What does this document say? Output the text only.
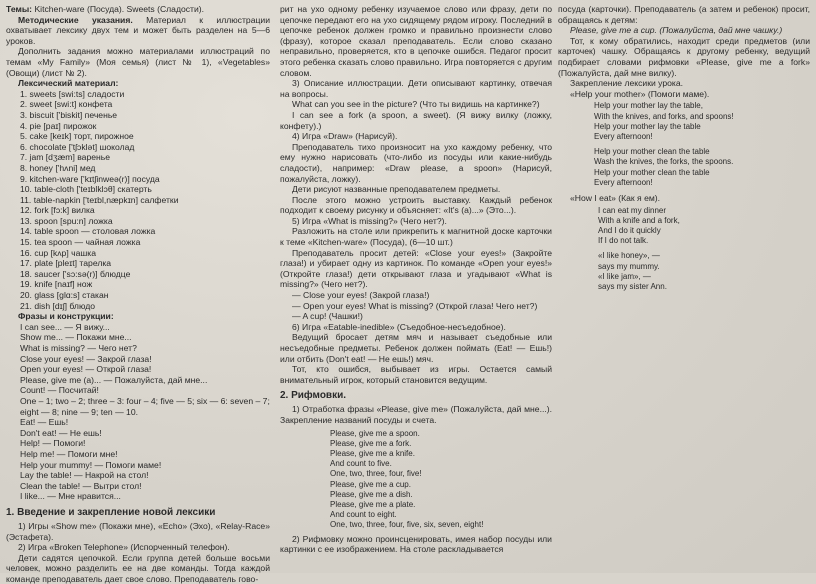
Темы: Kitchen-ware (Посуда). Sweets (Сладости).

Методические указания. Материал к иллюстрации охватывает лексику двух тем и может быть разделен на 5—6 уроков.

Дополнить задания можно материалами иллюстраций по темам «My Family» (Моя семья) (лист № 1), «Vegetables» (Овощи) (лист № 2).

Лексический материал:
1. sweets [swi:ts] сладости
2. sweet [swi:t] конфета
3. biscuit ['biskit] печенье
4. pie [paɪ] пирожок
5. cake [keɪk] торт, пирожное
6. chocolate ['tʃɔklət] шоколад
7. jam [dʒæm] варенье
8. honey ['hʌni] мед
9. kitchen-ware ['kɪtʃinweə(r)] посуда
10. table-cloth ['teɪblklɔθ] скатерть
11. table-napkin ['teɪbl,næpkɪn] салфетки
12. fork [fɔ:k] вилка
13. spoon [spu:n] ложка
14. table spoon — столовая ложка
15. tea spoon — чайная ложка
16. cup [kʌp] чашка
17. plate [pleɪt] тарелка
18. saucer ['sɔ:sə(r)] блюдце
19. knife [naɪf] нож
20. glass [glɑ:s] стакан
21. dish [dɪʃ] блюдо
Фразы и конструкции:
I can see... — Я вижу...
Show me... — Покажи мне...
What is missing? — Чего нет?
Close your eyes! — Закрой глаза!
Open your eyes! — Открой глаза!
Please, give me (a)... — Пожалуйста, дай мне...
Count! — Посчитай!
One – 1; two – 2; three – 3: four – 4; five — 5; six — 6: seven – 7; eight — 8; nine — 9; ten — 10.
Eat! — Ешь!
Don't eat! — Не ешь!
Help! — Помоги!
Help me! — Помоги мне!
Help your mummy! — Помоги маме!
Lay the table! — Накрой на стол!
Clean the table! — Вытри стол!
I like... — Мне нравится...
1. Введение и закрепление новой лексики

1) Игры «Show me» (Покажи мне), «Echo» (Эхо), «Relay-Race» (Эстафета).

2) Игра «Broken Telephone» (Испорченный телефон).

Дети садятся цепочкой. Если группа детей больше восьми человек, можно разделить ее на две команды. Тогда каждой команде преподаватель дает свое слово. Преподаватель гово-

рит на ухо одному ребенку изучаемое слово или фразу, дети по цепочке передают его на ухо сидящему рядом игроку. Последний в цепочке ребенок должен громко и правильно произнести слово (фразу), которое сказал преподаватель. Если слово сказано неправильно, проверяется, кто в цепочке ошибся. Педагог просит этого ребенка сказать слово правильно. Игра повторяется с другим словом.

3) Описание иллюстрации. Дети описывают картинку, отвечая на вопросы.

What can you see in the picture? (Что ты видишь на картинке?)

I can see a fork (a spoon, a sweet). (Я вижу вилку (ложку, конфету).)

4) Игра «Draw» (Нарисуй).

Преподаватель тихо произносит на ухо каждому ребенку, что ему нужно нарисовать (что-либо из посуды или какие-нибудь сладости), например: «Draw please, a spoon» (Нарисуй, пожалуйста, ложку).

Дети рисуют названные преподавателем предметы.

После этого можно устроить выставку. Каждый ребенок подходит к своему рисунку и объясняет: «It's (a)...» (Это...).

5) Игра «What is missing?» (Чего нет?).

Разложить на столе или прикрепить к магнитной доске карточки к теме «Kitchen-ware» (Посуда), (6—10 шт.)

Преподаватель просит детей: «Close your eyes!» (Закройте глаза!) и убирает одну из картинок. По команде «Open your eyes!» (Откройте глаза!) дети открывают глаза и угадывают «What is missing?» (Чего нет?).

— Close your eyes! (Закрой глаза!)

— Open your eyes! What is missing? (Открой глаза! Чего нет?)

— A cup! (Чашки!)

6) Игра «Eatable-inedible» (Съедобное-несъедобное).

Ведущий бросает детям мяч и называет съедобные или несъедобные предметы. Ребенок должен поймать (Eat! — Ешь!) или отбить (Don't eat! — Не ешь!) мяч.

Тот, кто ошибся, выбывает из игры. Остается самый внимательный игрок, который становится ведущим.

2. Рифмовки.

1) Отработка фразы «Please, give me» (Пожалуйста, дай мне...). Закрепление названий посуды и счета.

Please, give me a spoon.
Please, give me a fork.
Please, give me a knife.
And count to five.
One, two, three, four, five!
Please, give me a cup.
Please, give me a dish.
Please, give me a plate.
And count to eight.
One, two, three, four, five, six, seven, eight!

2) Рифмовку можно проинсценировать, имея набор посуды или картинки с ее изображением. На столе раскладывается

посуда (карточки). Преподаватель (а затем и ребенок) просит, обращаясь к детям:

Please, give me a cup. (Пожалуйста, дай мне чашку.)

Тот, к кому обратились, находит среди предметов (или карточек) чашку. Обращаясь к другому ребенку, ведущий подбирает словами рифмовки «Please, give me a fork» (Пожалуйста, дай мне вилку).

Закрепление лексики урока.

«Help your mother» (Помоги маме).

Help your mother lay the table,
With the knives, and forks, and spoons!
Help your mother lay the table
Every afternoon!
Help your mother clean the table
Wash the knives, the forks, the spoons.
Help your mother clean the table
Every afternoon!

«How I eat» (Как я ем).

I can eat my dinner
With a knife and a fork,
And I do it quickly
If I do not talk.
«I like honey», —
says my mummy.
«I like jam», —
says my sister Ann.
